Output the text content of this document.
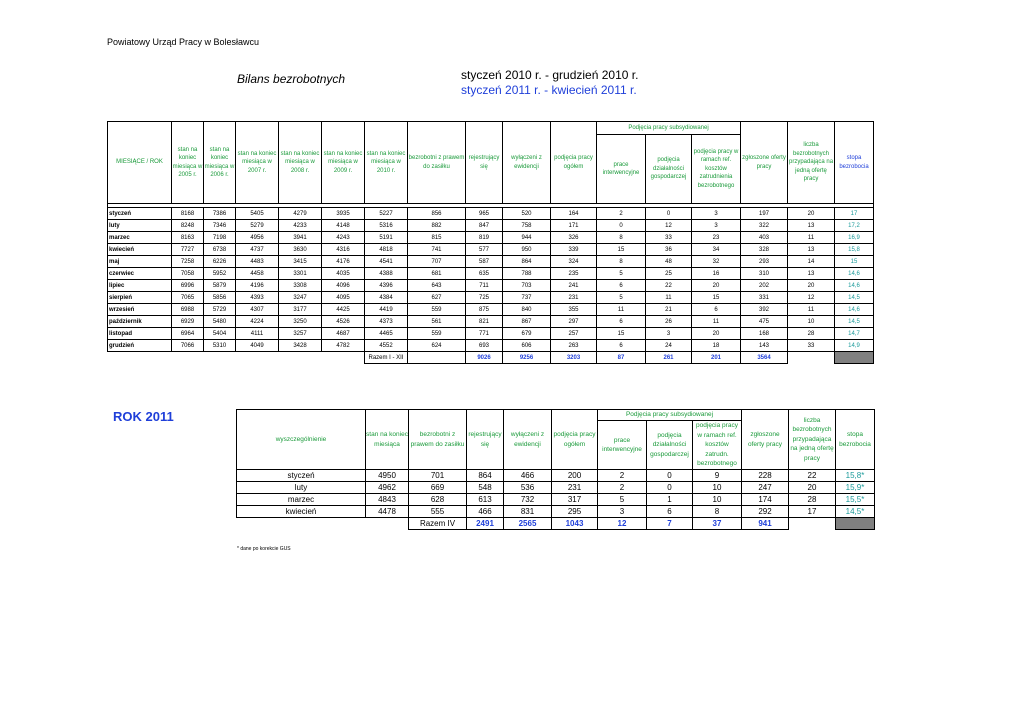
Powiatowy Urząd Pracy w Bolesławcu
Bilans bezrobotnych	styczeń 2010 r. - grudzień 2010 r.
styczeń 2011 r. - kwiecień 2011 r.
MIESIĄCE / ROK	stan na koniec miesiąca w 2005 r.	stan na koniec miesiąca w 2006 r.	stan na koniec miesiąca w 2007 r.	stan na koniec miesiąca w 2008 r.	stan na koniec miesiąca w 2009 r.	stan na koniec miesiąca w 2010 r.	bezrobotni z prawem do zasiłku	rejestrujący się	wyłączeni z ewidencji	podjęcia pracy ogółem	Podjęcia pracy subsydiowanej			zgłoszone oferty pracy	liczba bezrobotnych przypadająca na jedną ofertę pracy	stopa bezrobocia
											prace interwencyjne	podjęcia działalności gospodarczej	podjęcia pracy w ramach ref. kosztów zatrudnienia bezrobotnego			

styczeń	8168	7386	5405	4279	3935	5227	856	965	520	164	2	0	3	197	20	17
luty	8248	7346	5279	4233	4148	5316	882	847	758	171	0	12	3	322	13	17,2
marzec	8163	7198	4956	3941	4243	5191	815	819	944	326	8	33	23	403	11	16,9
kwiecień	7727	6738	4737	3630	4316	4818	741	577	950	339	15	36	34	328	13	15,8
maj	7258	6226	4483	3415	4176	4541	707	587	864	324	8	48	32	293	14	15
czerwiec	7058	5952	4458	3301	4035	4388	681	635	788	235	5	25	16	310	13	14,6
lipiec	6996	5879	4196	3308	4096	4396	643	711	703	241	6	22	20	202	20	14,6
sierpień	7065	5856	4393	3247	4095	4384	627	725	737	231	5	11	15	331	12	14,5
wrzesień	6988	5729	4307	3177	4425	4419	559	875	840	355	11	21	6	392	11	14,6
październik	6929	5480	4224	3250	4526	4373	561	821	867	297	6	26	11	475	10	14,5
listopad	6964	5404	4111	3257	4687	4465	559	771	679	257	15	3	20	168	28	14,7
grudzień	7066	5310	4049	3428	4782	4552	624	693	606	263	6	24	18	143	33	14,9
						Razem I - XII		9026	9256	3203	87	261	201	3564		
ROK 2011
wyszczególnienie	stan na koniec miesiąca	bezrobotni z prawem do zasiłku	rejestrujący się	wyłączeni z ewidencji	podjęcia pracy ogółem	Podjęcia pracy subsydiowanej			zgłoszone oferty pracy	liczba bezrobotnych przypadająca na jedną ofertę pracy	stopa bezrobocia
						prace interwencyjne	podjęcia działalności gospodarczej	podjęcia pracy w ramach ref. kosztów zatrudn. bezrobotnego			
styczeń	4950	701	864	466	200	2	0	9	228	22	15,8*
luty	4962	669	548	536	231	2	0	10	247	20	15,9*
marzec	4843	628	613	732	317	5	1	10	174	28	15,5*
kwiecień	4478	555	466	831	295	3	6	8	292	17	14,5*
		Razem IV	2491	2565	1043	12	7	37	941		
* dane po korekcie GUS
